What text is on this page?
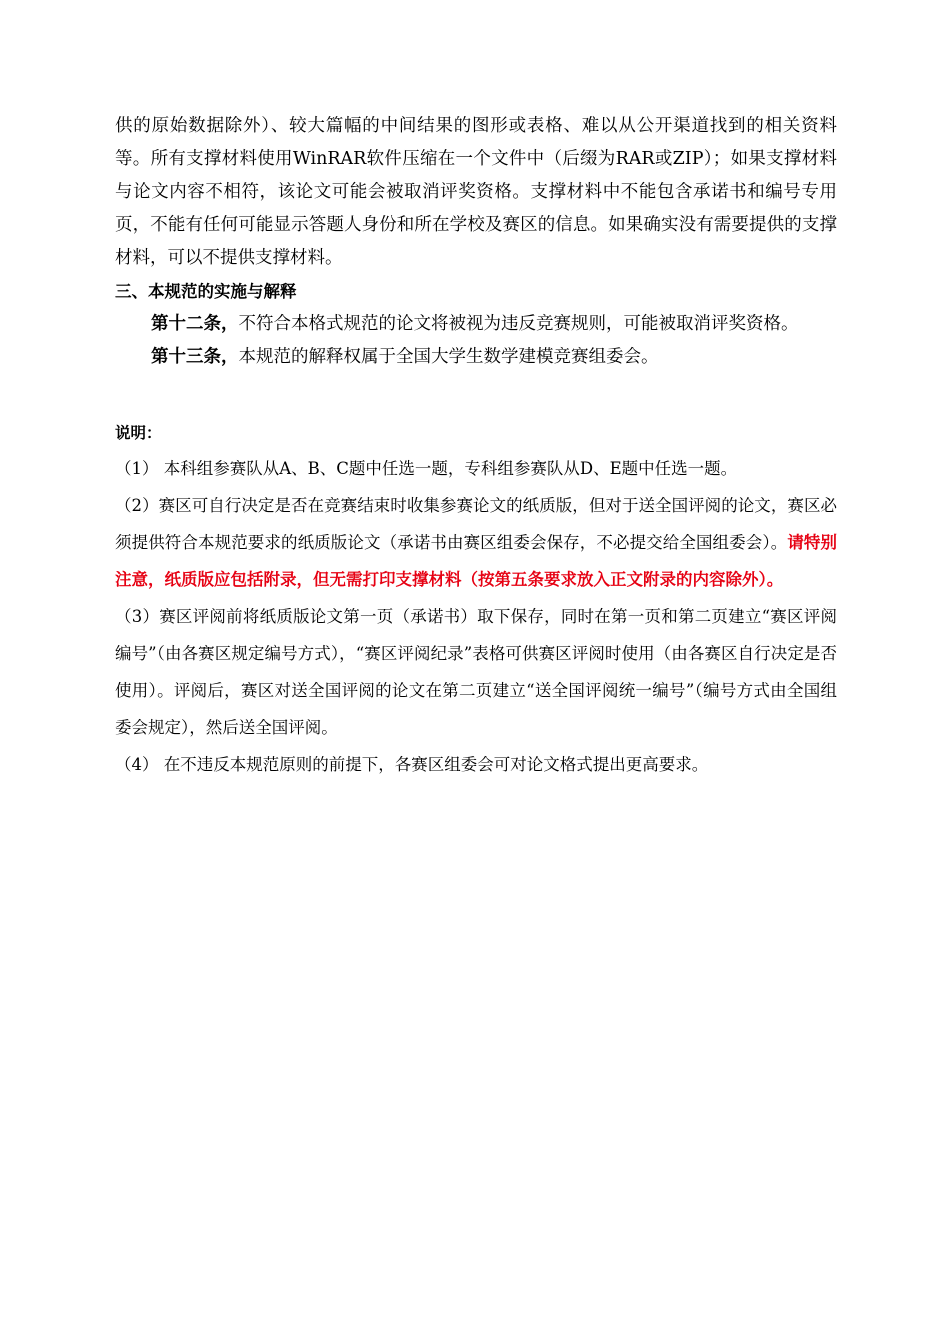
供的原始数据除外）、较大篇幅的中间结果的图形或表格、难以从公开渠道找到的相关资料等。所有支撑材料使用WinRAR软件压缩在一个文件中（后缀为RAR或ZIP）；如果支撑材料与论文内容不相符，该论文可能会被取消评奖资格。支撑材料中不能包含承诺书和编号专用页，不能有任何可能显示答题人身份和所在学校及赛区的信息。如果确实没有需要提供的支撑材料，可以不提供支撑材料。

三、本规范的实施与解释

第十二条，不符合本格式规范的论文将被视为违反竞赛规则，可能被取消评奖资格。

第十三条，本规范的解释权属于全国大学生数学建模竞赛组委会。

说明：

（1） 本科组参赛队从A、B、C题中任选一题，专科组参赛队从D、E题中任选一题。

（2）赛区可自行决定是否在竞赛结束时收集参赛论文的纸质版，但对于送全国评阅的论文，赛区必须提供符合本规范要求的纸质版论文（承诺书由赛区组委会保存，不必提交给全国组委会）。请特别注意，纸质版应包括附录，但无需打印支撑材料（按第五条要求放入正文附录的内容除外）。

（3）赛区评阅前将纸质版论文第一页（承诺书）取下保存，同时在第一页和第二页建立“赛区评阅编号”（由各赛区规定编号方式），“赛区评阅纪录”表格可供赛区评阅时使用（由各赛区自行决定是否使用）。评阅后，赛区对送全国评阅的论文在第二页建立“送全国评阅统一编号”（编号方式由全国组委会规定），然后送全国评阅。

（4） 在不违反本规范原则的前提下，各赛区组委会可对论文格式提出更高要求。
